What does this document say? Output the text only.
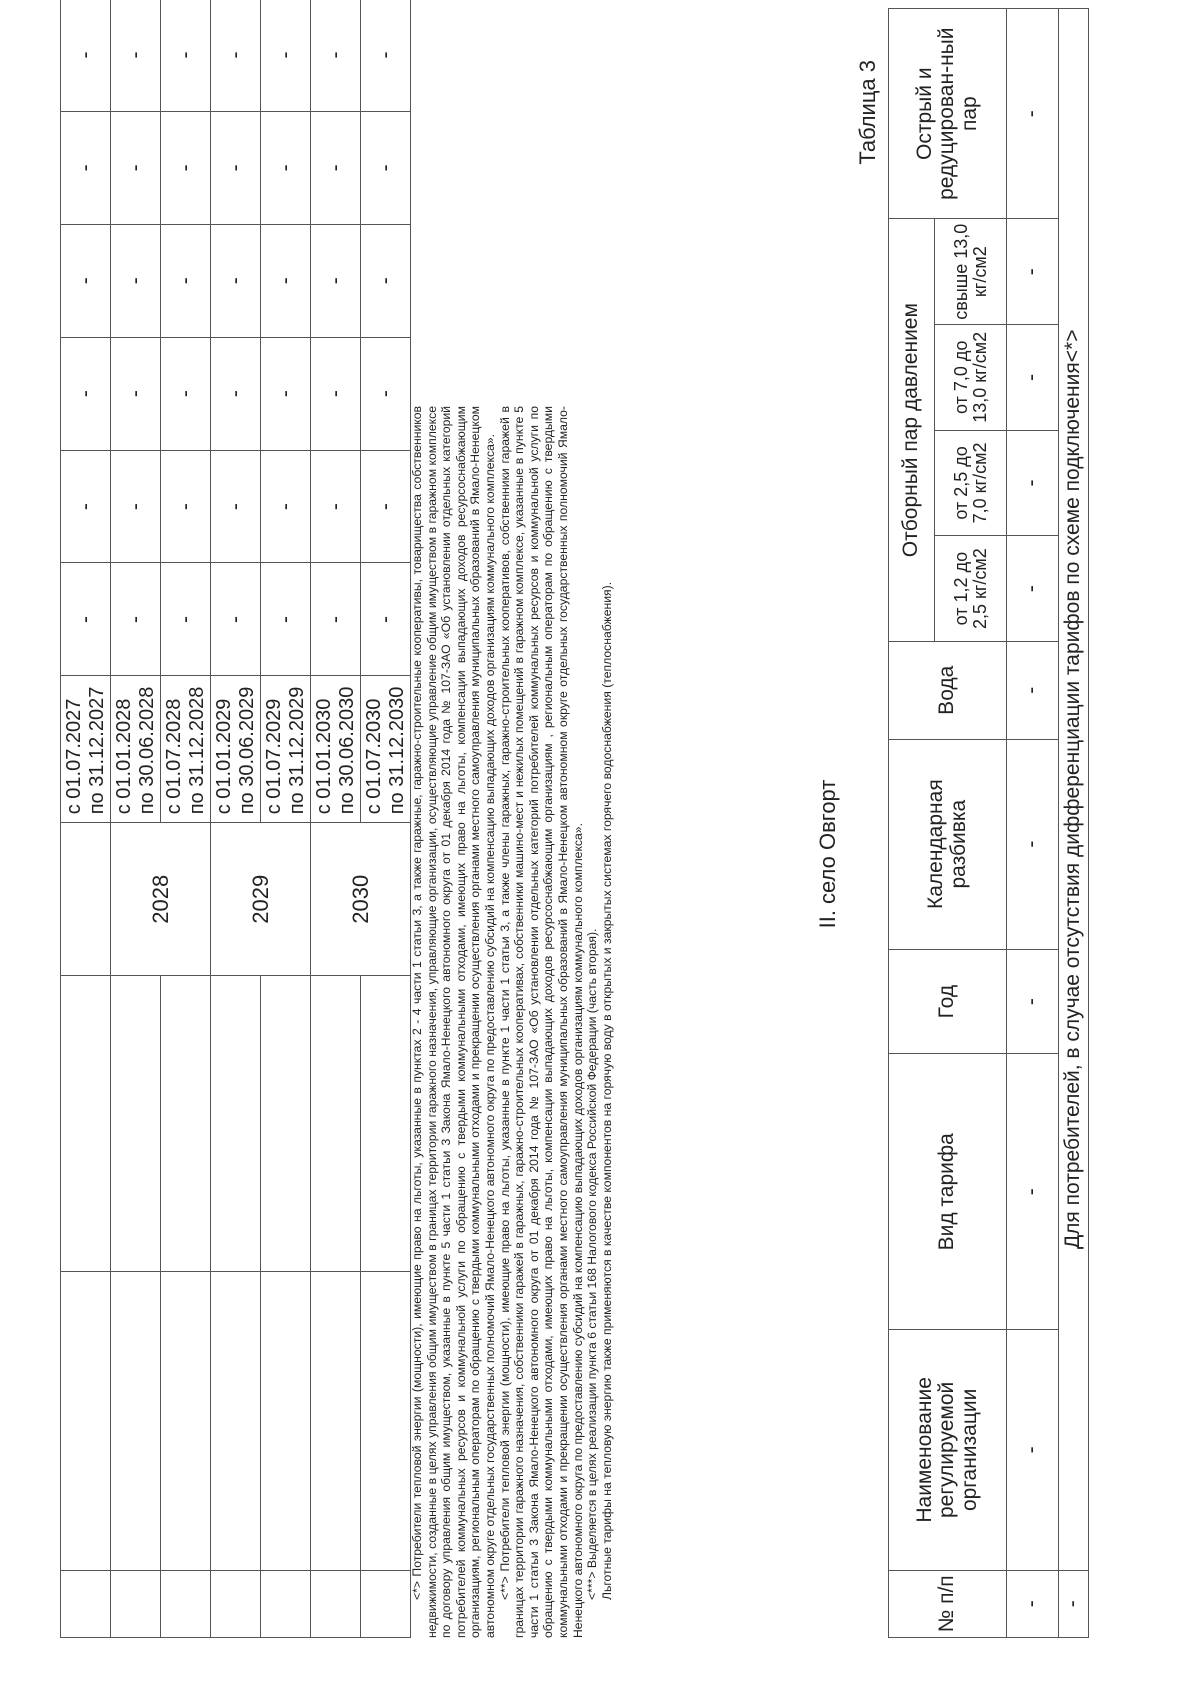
				с 01.07.2027 по 31.12.2027	-	-	-	-	-	-
			2028	с 01.01.2028 по 30.06.2028	-	-	-	-	-	-

				с 01.07.2028 по 31.12.2028	-	-	-	-	-	-
			2029	с 01.01.2029 по 30.06.2029	-	-	-	-	-	-

				с 01.07.2029 по 31.12.2029	-	-	-	-	-	-
			2030	с 01.01.2030 по 30.06.2030	-	-	-	-	-	-

				с 01.07.2030 по 31.12.2030	-	-	-	-	-	-

<*> Потребители тепловой энергии (мощности), имеющие право на льготы, указанные в пунктах 2 - 4 части 1 статьи 3, а также гаражные, гаражно-строительные кооперативы, товарищества собственников недвижимости, созданные в целях управления общим имуществом в границах территории гаражного назначения, управляющие организации, осуществляющие управление общим имуществом в гаражном комплексе по договору управления общим имуществом, указанные в пункте 5 части 1 статьи 3 Закона Ямало-Ненецкого автономного округа от 01 декабря 2014 года № 107-ЗАО «Об установлении отдельных категорий потребителей коммунальных ресурсов и коммунальной услуги по обращению с твердыми коммунальными отходами, имеющих право на льготы, компенсации выпадающих доходов ресурсоснабжающим организациям, региональным операторам по обращению с твердыми коммунальными отходами и прекращении осуществления органами местного самоуправления муниципальных образований в Ямало-Ненецком автономном округе отдельных государственных полномочий Ямало-Ненецкого автономного округа по предоставлению субсидий на компенсацию выпадающих доходов организациям коммунального комплекса». <**> Потребители тепловой энергии (мощности), имеющие право на льготы, указанные в пункте 1 части 1 статьи 3, а также члены гаражных, гаражно-строительных кооперативов, собственники гаражей в границах территории гаражного назначения, собственники гаражей в гаражных, гаражно-строительных кооперативах, собственники машино-мест и нежилых помещений в гаражном комплексе, указанные в пункте 5 части 1 статьи 3 Закона Ямало-Ненецкого автономного округа от 01 декабря 2014 года № 107-ЗАО «Об установлении отдельных категорий потребителей коммунальных ресурсов и коммунальной услуги по обращению с твердыми коммунальными отходами, имеющих право на льготы, компенсации выпадающих доходов ресурсоснабжающим организациям , региональным операторам по обращению с твердыми коммунальными отходами и прекращении осуществления органами местного самоуправления муниципальных образований в Ямало-Ненецком автономном округе отдельных государственных полномочий Ямало-Ненецкого автономного округа по предоставлению субсидий на компенсацию выпадающих доходов организациям коммунального комплекса». <***> Выделяется в целях реализации пункта 6 статьи 168 Налогового кодекса Российской Федерации (часть вторая). Льготные тарифы на тепловую энергию также применяются в качестве компонентов на горячую воду в открытых и закрытых системах горячего водоснабжения (теплоснабжения).	II. село Овгорт
Таблица 3
№ п/п	Наименование регулируемой организации	Вид тарифа	Год	Календарная разбивка	Вода	Отборный пар давлением				Острый и редуцирован-ный пар
						от 1,2 до 2,5 кг/см2	от 2,5 до 7,0 кг/см2	от 7,0 до 13,0 кг/см2	свыше 13,0 кг/см2	
-	-	-	-	-	-	-	-	-	-	-
-	Для потребителей, в случае отсутствия дифференциации тарифов по схеме подключения<*>									
